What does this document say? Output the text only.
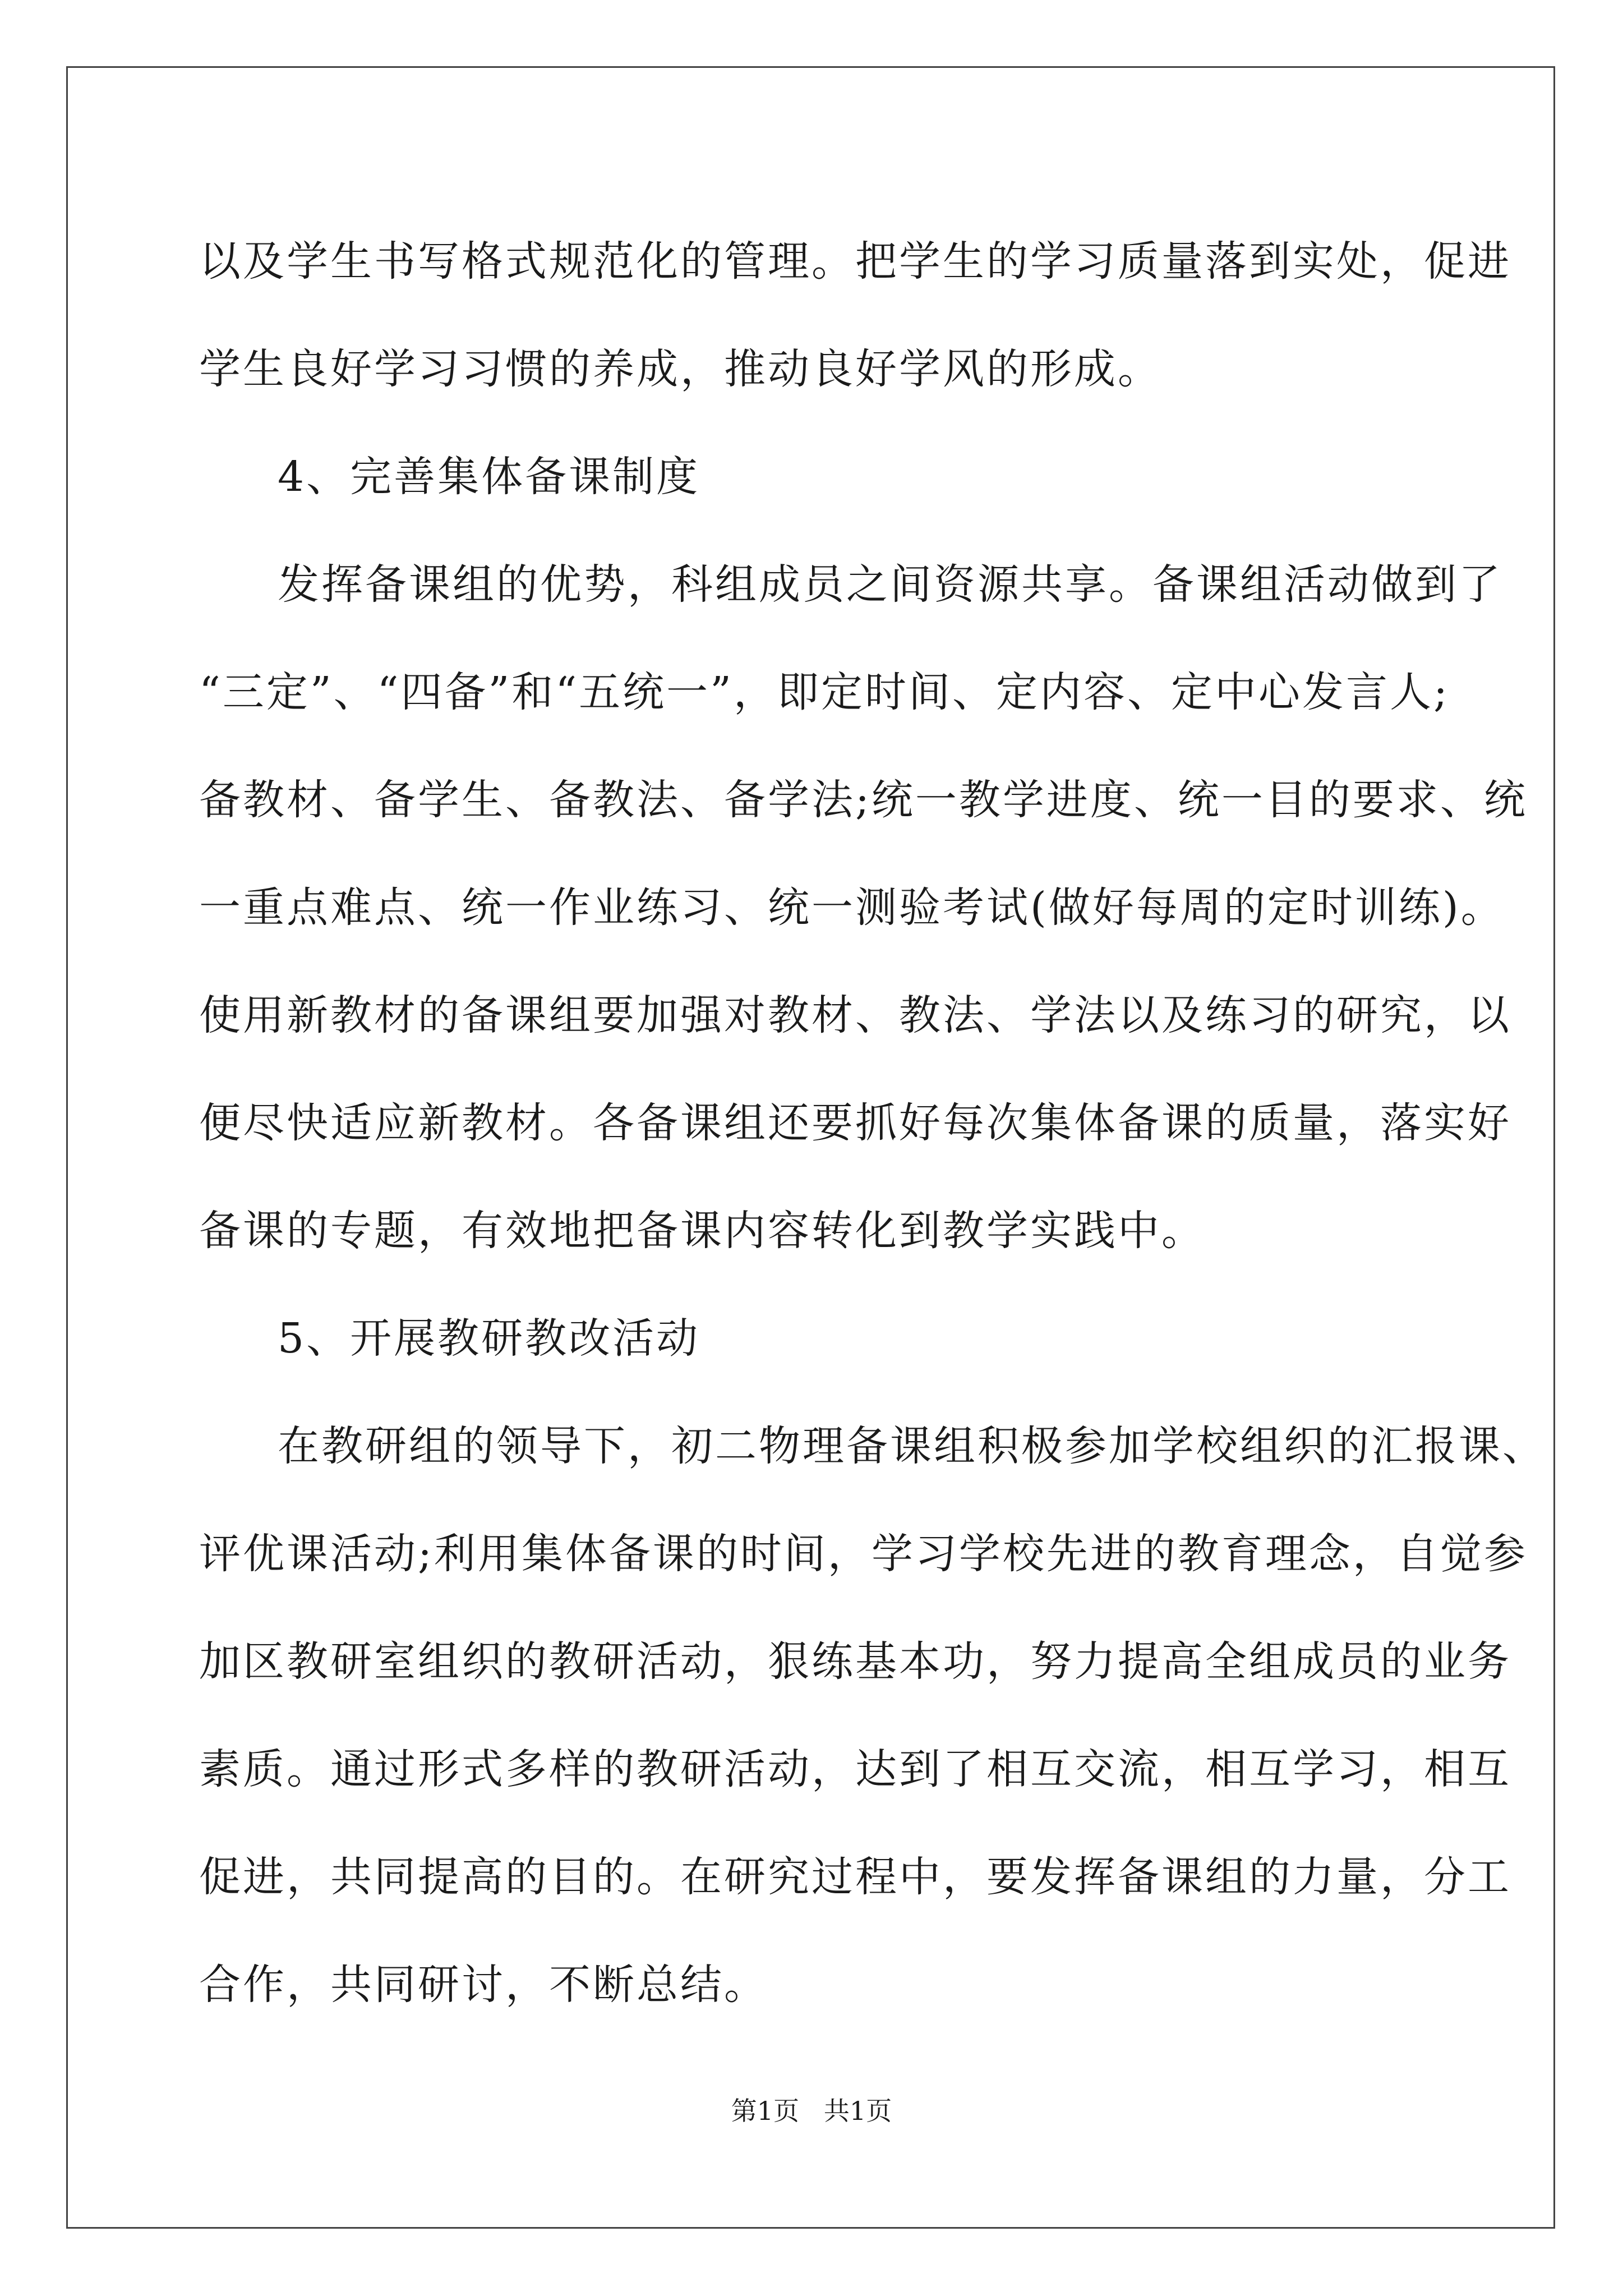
以及学生书写格式规范化的管理。把学生的学习质量落到实处，促进
学生良好学习习惯的养成，推动良好学风的形成。
4、完善集体备课制度
发挥备课组的优势，科组成员之间资源共享。备课组活动做到了
“三定”、“四备”和“五统一”，即定时间、定内容、定中心发言人;
备教材、备学生、备教法、备学法;统一教学进度、统一目的要求、统
一重点难点、统一作业练习、统一测验考试(做好每周的定时训练)。
使用新教材的备课组要加强对教材、教法、学法以及练习的研究，以
便尽快适应新教材。各备课组还要抓好每次集体备课的质量，落实好
备课的专题，有效地把备课内容转化到教学实践中。
5、开展教研教改活动
在教研组的领导下，初二物理备课组积极参加学校组织的汇报课、
评优课活动;利用集体备课的时间，学习学校先进的教育理念，自觉参
加区教研室组织的教研活动，狠练基本功，努力提高全组成员的业务
素质。通过形式多样的教研活动，达到了相互交流，相互学习，相互
促进，共同提高的目的。在研究过程中，要发挥备课组的力量，分工
合作，共同研讨，不断总结。
第1页   共1页
